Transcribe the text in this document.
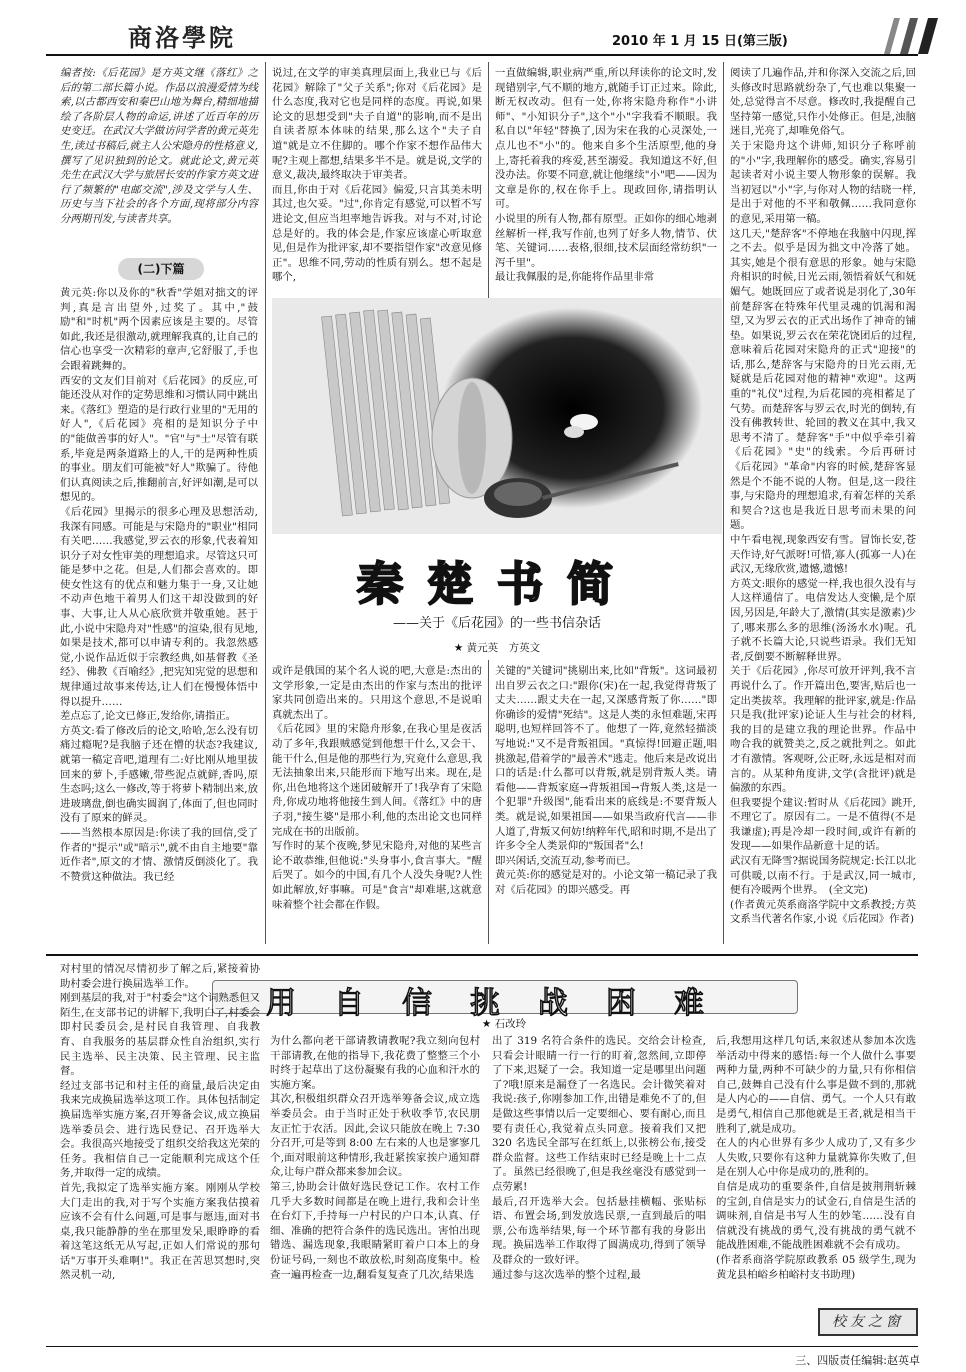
商洛學院	2010 年 1 月 15 日(第三版)
编者按:《后花园》是方英文继《落红》之后的第二部长篇小说。作品以浪漫爱情为线索,以古都西安和秦巴山地为舞台,精细地描绘了各阶层人物的命运,讲述了近百年的历史变迁。在武汉大学做访问学者的黄元英先生,读过书稿后,就主人公宋隐舟的性格意义,撰写了见识独到的论文。就此论文,黄元英先生在武汉大学与旅居长安的作家方英文进行了频繁的"电邮交流",涉及文学与人生、历史与当下社会的各个方面,现将部分内容分两期刊发,与读者共享。
(二)下篇
黄元英:你以及你的"秋香"学姐对拙文的评判,真是言出望外,过奖了。其中,"鼓励"和"时机"两个因素应该是主要的。尽管如此,我还是很激动,就理解我真的,让自己的信心也享受一次精彩的章声,它舒服了,手也会跟着跳舞的。
西安的文友们目前对《后花园》的反应,可能还没从对作的定势思维和习惯认同中跳出来。《落红》塑造的是行政行业里的"无用的好人",《后花园》亮相的是知识分子中的"能做善事的好人"。"官"与"士"尽管有联系,毕竟是两条道路上的人,干的是两种性质的事业。朋友们可能被"好人"欺骗了。待他们认真阅读之后,推翻前言,好评如潮,是可以想见的。
《后花园》里揭示的很多心理及思想活动,我深有同感。可能是与宋隐舟的"职业"相同有关吧……我感觉,罗云衣的形象,代表着知识分子对女性审美的理想追求。尽管这只可能是梦中之花。但是,人们都会喜欢的。即使女性这有的优点和魅力集于一身,又让她不动声色地干着男人们这干却没做到的好事、大事,让人从心底欣赏并敬重她。甚于此,小说中宋隐舟对"性感"的渲染,很有见地,如果是技术,都可以申请专利的。我忽然感觉,小说作品近似于宗教经典,如基督教《圣经》、佛教《百喻经》,把宪知宪觉的思想和规律通过故事来传达,让人们在慢慢体悟中得以提升……
差点忘了,论文已修正,发给你,请指正。
方英文:看了修改后的论文,哈哈,怎么没有切痛过瘾呢?是我脑子还在懵的状态?我建议,就第一稿定音吧,道理有二:好比刚从地里拔回来的萝卜,手感嫩,带些泥点就鲜,香吗,原生态吗;这么一修改,等于将萝卜精制出来,放进玻璃盘,倒也确实圆润了,体面了,但也同时没有了原来的鲜灵。
——当然根本原因是:你读了我的回信,受了作者的"提示"或"暗示",就不由自主地要"靠近作者",原文的才情、激情反倒淡化了。我不赞赏这种做法。我已经
说过,在文学的审美真理层面上,我业已与《后花园》解除了"父子关系";你对《后花园》是什么态度,我对它也是同样的态度。再说,如果论文的思想受到"夫子自道"的影响,而不是出自读者原本体味的结果,那么这个"夫子自道"就是立不住脚的。哪个作家不想作品伟大呢?主观上都想,结果多半不是。就是说,文学的意义,裁决,最终取决于审美者。
而且,你由于对《后花园》偏爱,只言其美未明其过,也欠妥。"过",你肯定有感觉,可以暂不写进论文,但应当坦率地告诉我。对与不对,讨论总是好的。我的体会是,作家应该虚心听取意见,但是作为批评家,却不要指望作家"改意见修正"。思维不同,劳动的性质有别么。想不起是哪个,
一直做编辑,职业病严重,所以拜读你的论文时,发现错别字,气不顺的地方,就随手订正过来。除此,断无权改动。但有一处,你将宋隐舟称作"小讲师"、"小知识分子",这个"小"字我看不顺眼。我私自以"年轻"替换了,因为宋在我的心灵深处,一点儿也不"小"的。他来自多个生活原型,他的身上,寄托着我的疼爱,甚至溺爱。我知道这不好,但没办法。你要不同意,就让他继续"小"吧——因为文章是你的,权在你手上。现政回你,请指明认可。
小说里的所有人物,都有原型。正如你的细心地剥丝解析一样,我写作前,也列了好多人物,情节、伏笔、关键词……表格,很细,技术层面经常纺织"一泻千里"。
最让我佩服的是,你能将作品里非常
秦楚书简
——关于《后花园》的一些书信杂话
★ 黄元英　方英文
或许是俄国的某个名人说的吧,大意是:杰出的文学形象,一定是由杰出的作家与杰出的批评家共同创造出来的。只用这个意思,不是说咱真就杰出了。
《后花园》里的宋隐舟形象,在我心里是夜活动了多年,我跟贼感觉到他想干什么,又会干、能干什么,但是他的那些行为,究竟什么意思,我无法抽象出来,只能形而下地写出来。现在,是你,出色地将这个迷团破解开了!我孕育了宋隐舟,你成功地将他接生到人间。《落红》中的唐子羽,"接生婆"是邢小利,他的杰出论文也同样完成在书的出版前。
写作时的某个夜晚,梦见宋隐舟,对他的某些言论不敢恭维,但他说:"头身事小,食言事大。"醒后哭了。如今的中国,有几个人没失身呢?人性如此解放,好事嘛。可是"食言"却难堪,这就意味着整个社会都在作假。
关键的"关键词"挑剔出来,比如"背叛"。这词最初出自罗云衣之口:"跟你(宋)在一起,我觉得背叛了丈夫……跟丈夫在一起,又深感背叛了你……"即你确诊的爱情"死结"。这是人类的永恒难题,宋再聪明,也短样回答不了。他想了一阵,竟然轻描淡写地说:"又不是背叛祖国。"真惊得!回避正题,唱挑激起,借着学的"最善术"逃走。他后来是改说出口的话是:什么都可以背叛,就是别背叛人类。请看他——背叛家庭→背叛祖国→背叛人类,这是一个犯罪"升级图",能看出来的底线是:不要背叛人类。就是说,如果祖国——如果当政府代言——非人道了,背叛又何妨!纳粹年代,昭和时期,不是出了许多令全人类景仰的"叛国者"么!
即兴闲话,交流互动,参考而已。
黄元英:你的感觉是对的。小论文第一稿记录了我对《后花园》的即兴感受。再
阅读了几遍作品,并和你深入交流之后,回头修改时思路就纷杂了,气也难以集聚一处,总觉得言不尽意。修改时,我提醒自己坚持第一感觉,只作小处修正。但是,浊脑迷目,光亮了,却唯免俗气。
关于宋隐舟这个讲师,知识分子称呼前的"小"字,我理解你的感受。确实,容易引起读者对小说主要人物形象的误解。我当初冠以"小"字,与你对人物的结晓一样,是出于对他的不平和敬佩……我同意你的意见,采用第一稿。
这几天,"楚辞客"不停地在我脑中闪现,挥之不去。似乎是因为拙文中冷落了她。其实,她是个很有意思的形象。她与宋隐舟相识的时候,日光云雨,领悟着妖气和妩媚气。她既回应了或者说是羽化了,30年前楚辞客在特殊年代里灵魂的饥渴和渴望,又为罗云衣的正式出场作了神奇的铺垫。如果说,罗云衣在荣花饶团后的过程,意味着后花园对宋隐舟的正式"迎接"的话,那么,楚辞客与宋隐舟的日光云雨,无疑就是后花园对他的精神"欢迎"。这两重的"礼仪"过程,为后花园的亮相蓄足了气势。而楚辞客与罗云衣,时光的倒转,有没有佛教转世、轮回的教义在其中,我又思考不清了。楚辞客"手"中似乎牵引着《后花园》"史"的线索。今后再研讨《后花园》"革命"内容的时候,楚辞客显然是个不能不说的人物。但是,这一段往事,与宋隐舟的理想追求,有着怎样的关系和契合?这也是我近日思考而未果的问题。
中午看电视,现象西安有雪。冒饰长安,苍天作诗,好气派呀!可惜,寡人(孤寡一人)在武汉,无缘欣赏,遗憾,遗憾!
方英文:眼你的感觉一样,我也很久没有与人这样通信了。电信发达人变懒,是个原因,另因是,年龄大了,激情(其实是激素)少了,哪来那么多的思维(汤汤水水)呢。孔子就不长篇大论,只说些语录。我们无知者,反倒要不断解释世界。
关于《后花园》,你尽可放开评判,我不言再说什么了。作开篇出色,要害,贴后也一定出类拔萃。我理解的批评家,就是:作品只是我(批评家)论证人生与社会的材料,我的目的是建立我的理论世界。作品中吻合我的就赞美之,反之就批判之。如此才有激情。客观呀,公正呀,永远是相对而言的。从某种角度讲,文学(含批评)就是偏激的东西。
但我要提个建议:暂时从《后花园》跳开,不理它了。原因有二。一是不值得(不是我谦虚);再是冷却一段时间,或许有新的发现——如果作品新意十足的话。
武汉有无降雪?据说国务院规定:长江以北可供暖,以南不行。于是武汉,同一城市,便有冷暖两个世界。　(全文完)
(作者黄元英系商洛学院中文系教授;方英文系当代著名作家,小说《后花园》作者)
用自信挑战困难
★ 石改玲
对村里的情况尽情初步了解之后,紧接着协助村委会进行换届选举工作。
刚到基层的我,对于"村委会"这个词熟悉但又陌生,在支部书记的讲解下,我明白了,村委会即村民委员会,是村民自我管理、自我教育、自我服务的基层群众性自治组织,实行民主选举、民主决策、民主管理、民主监督。
经过支部书记和村主任的商量,最后决定由我来完成换届选举这项工作。具体包括制定换届选举实施方案,召开筹备会议,成立换届选举委员会、进行选民登记、召开选举大会。我很高兴地接受了组织交给我这光荣的任务。我相信自己一定能顺利完成这个任务,并取得一定的成绩。
首先,我拟定了选举实施方案。刚刚从学校大门走出的我,对于写个实施方案我估摸着应该不会有什么问题,可是事与愿违,面对书桌,我只能静静的坐在那里发呆,眼睁睁的看着这笔这纸无从写起,正如人们常说的那句话"万事开头难啊!"。我正在苦思冥想时,突然灵机一动,
为什么都向老干部请教请教呢?我立刻向包村干部请教,在他的指导下,我花费了整整三个小时终于起草出了这份凝聚有我的心血和汗水的实施方案。
其次,积极组织群众召开选举筹备会议,成立选举委员会。由于当时正处于秋收季节,农民朋友正忙于农活。因此,会议只能放在晚上 7:30 分召开,可是等到 8:00 左右来的人也是寥寥几个,面对眼前这种情形,我赶紧挨家挨户通知群众,让每户群众都来参加会议。
第三,协助会计做好选民登记工作。农村工作几乎大多数时间都是在晚上进行,我和会计坐在台灯下,手持每一户村民的户口本,认真、仔细、准确的把符合条件的选民选出。害怕出现错选、漏选现象,我眼睛紧盯着户口本上的身份证号码,一刻也不敢放松,时刻高度集中。检查一遍再检查一边,翻看复复查了几次,结果选
出了 319 名符合条件的选民。交给会计检查,只看会计眼睛一行一行的盯着,忽然间,立即停了下来,迟疑了一会。我知道一定是哪里出问题了?哦!原来是漏登了一名选民。会计微笑着对我说:孩子,你刚参加工作,出错是难免不了的,但是做这些事情以后一定要细心、要有耐心,而且要有责任心,我觉着点头同意。接着我们又把 320 名选民全部写在红纸上,以张榜公布,接受群众监督。这些工作结束时已经是晚上十二点了。虽然已经很晚了,但是我丝毫没有感觉到一点劳累!
最后,召开选举大会。包括悬挂横幅、张贴标语、布置会场,到发放选民票,一直到最后的唱票,公布选举结果,每一个环节都有我的身影出现。换届选举工作取得了圆满成功,得到了领导及群众的一致好评。
通过参与这次选举的整个过程,最
后,我想用这样几句话,来叙述从参加本次选举活动中得来的感悟:每一个人做什么事要两种力量,两种不可缺少的力量,只有你相信自己,鼓舞自己没有什么事是做不到的,那就是人内心的——自信、勇气。一个人只有敢是勇气,相信自己那他就是王者,就是相当干胜利了,就是成功。
在人的内心世界有多少人成功了,又有多少人失败,只要你有这种力量就算你失败了,但是在别人心中你是成功的,胜利的。
自信是成功的重要条件,自信是披荆荆斩棘的宝剑,自信是实力的试金石,自信是生活的调味剂,自信是书写人生的妙笔……没有自信就没有挑战的勇气,没有挑战的勇气就不能战胜困难,不能战胜困难就不会有成功。
(作者系商洛学院原政教系 05 级学生,现为黄龙县柏峪乡柏峪村支书助理)
校友之窗
三、四版责任编辑:赵英卓
